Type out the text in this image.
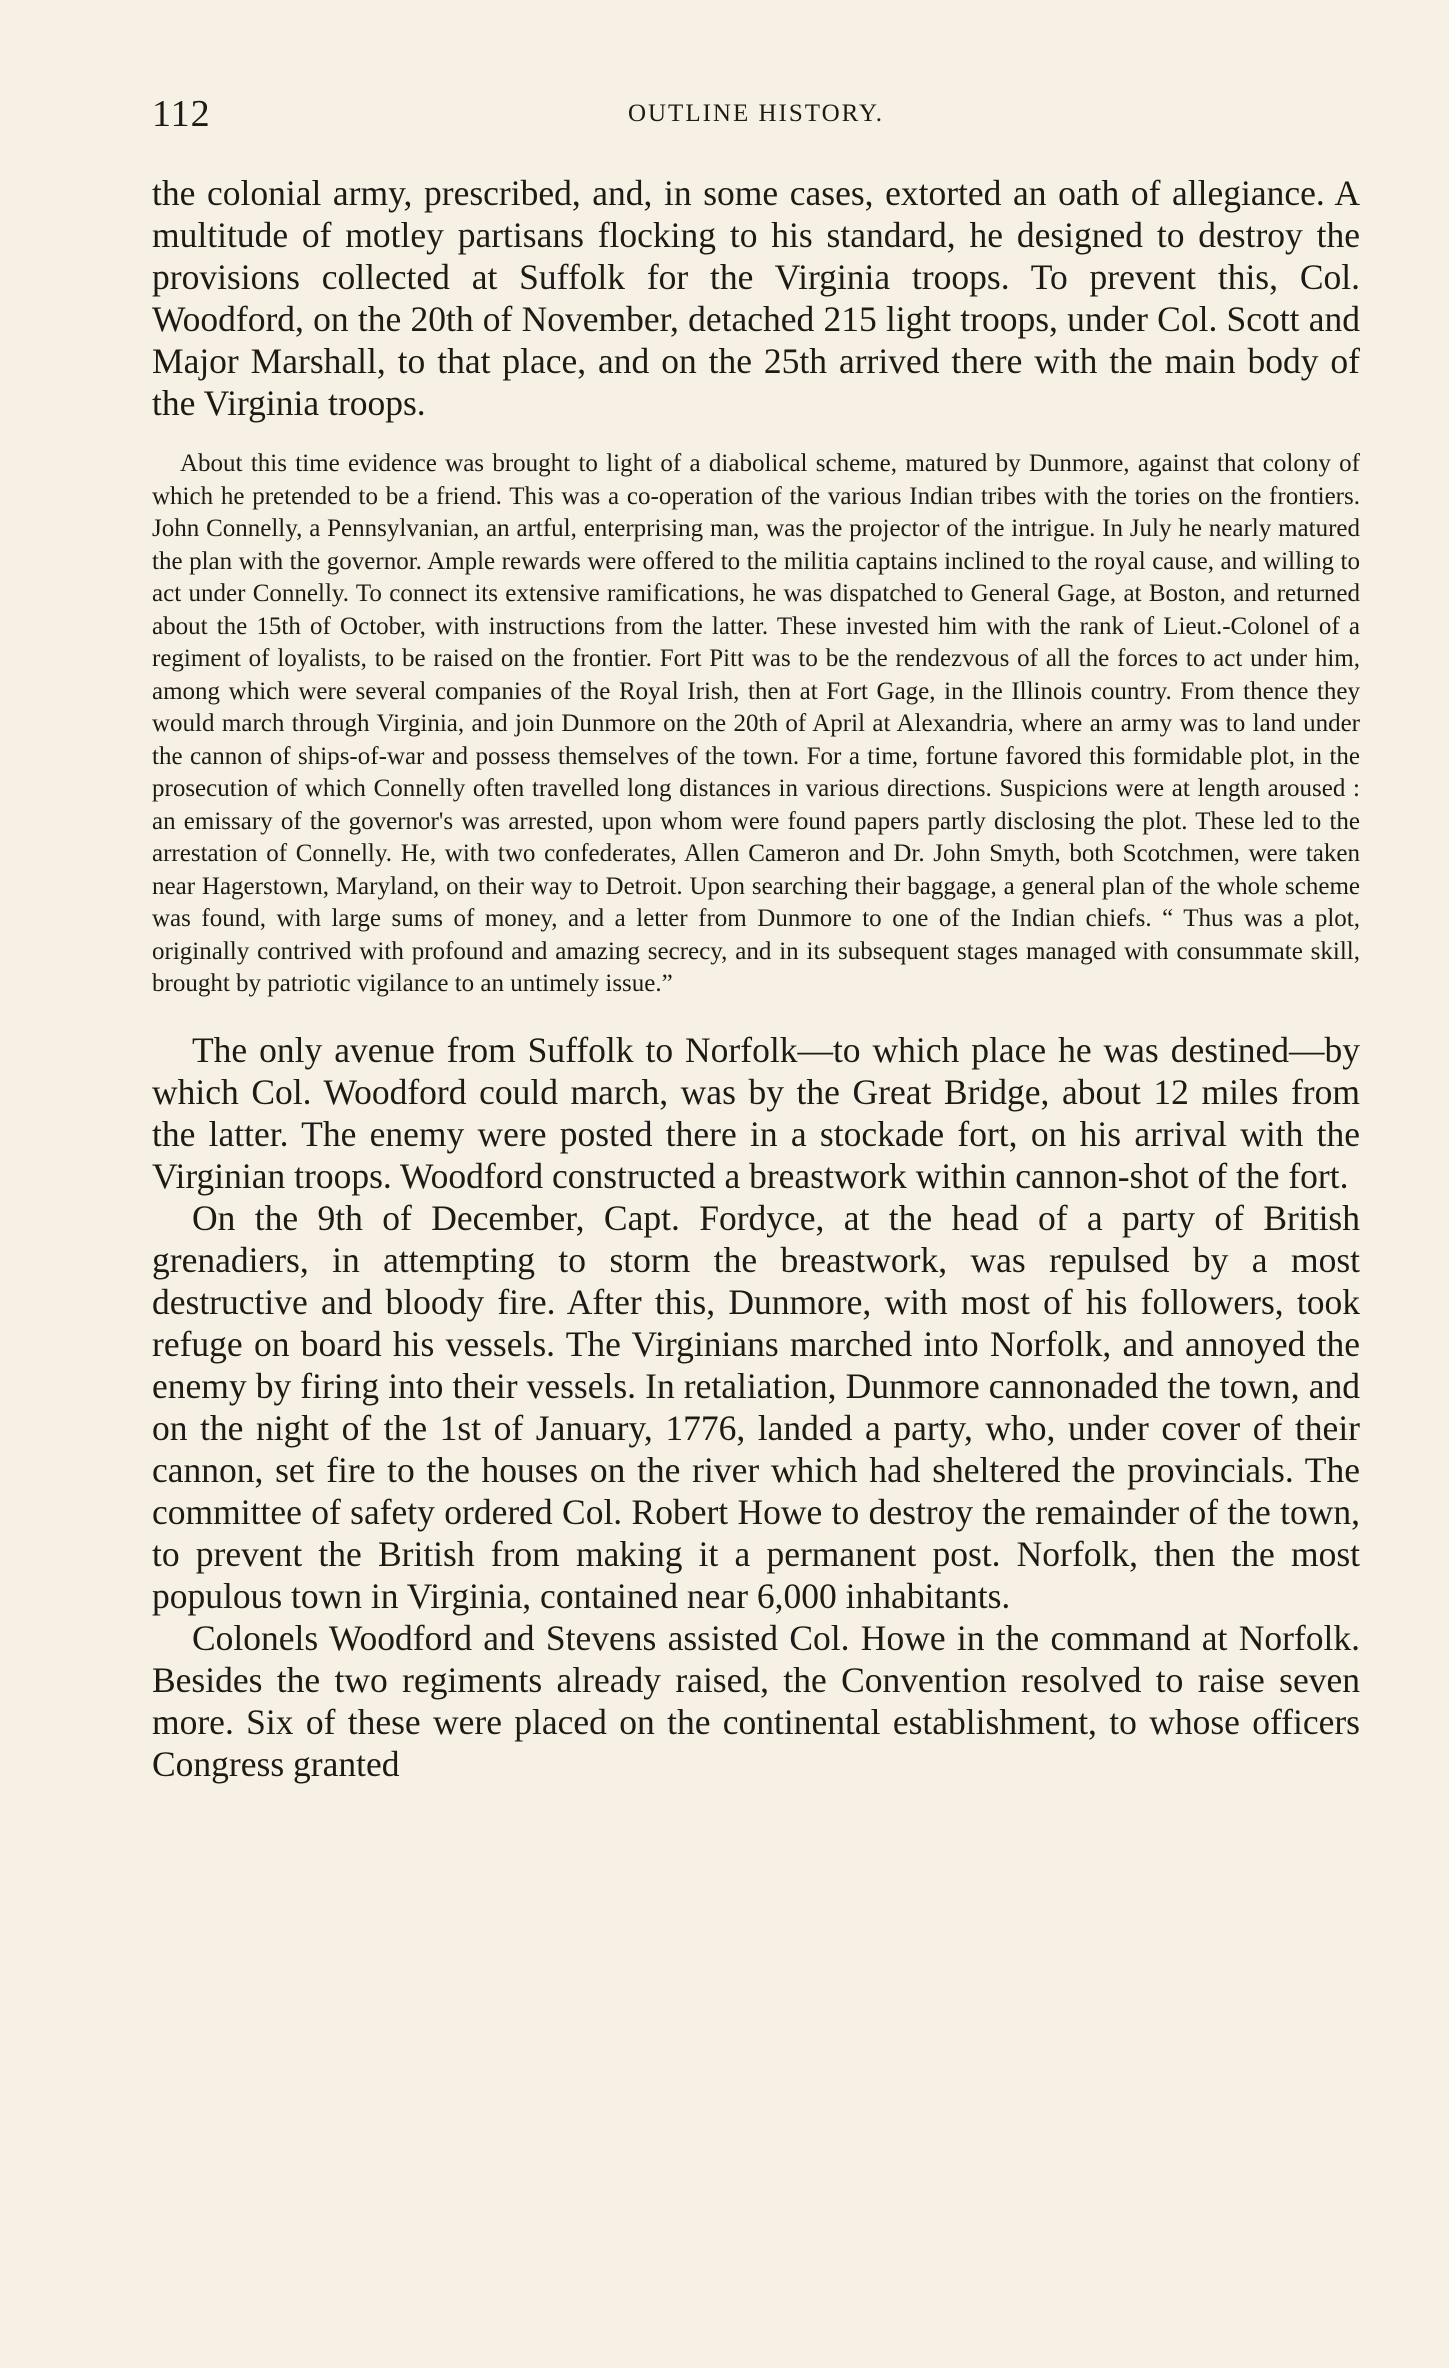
112	OUTLINE HISTORY.

the colonial army, prescribed, and, in some cases, extorted an oath of allegiance. A multitude of motley partisans flocking to his standard, he designed to destroy the provisions collected at Suffolk for the Virginia troops. To prevent this, Col. Woodford, on the 20th of November, detached 215 light troops, under Col. Scott and Major Marshall, to that place, and on the 25th arrived there with the main body of the Virginia troops.

About this time evidence was brought to light of a diabolical scheme, matured by Dunmore, against that colony of which he pretended to be a friend. This was a co-operation of the various Indian tribes with the tories on the frontiers. John Connelly, a Pennsylvanian, an artful, enterprising man, was the projector of the intrigue. In July he nearly matured the plan with the governor. Ample rewards were offered to the militia captains inclined to the royal cause, and willing to act under Connelly. To connect its extensive ramifications, he was dispatched to General Gage, at Boston, and returned about the 15th of October, with instructions from the latter. These invested him with the rank of Lieut.-Colonel of a regiment of loyalists, to be raised on the frontier. Fort Pitt was to be the rendezvous of all the forces to act under him, among which were several companies of the Royal Irish, then at Fort Gage, in the Illinois country. From thence they would march through Virginia, and join Dunmore on the 20th of April at Alexandria, where an army was to land under the cannon of ships-of-war and possess themselves of the town. For a time, fortune favored this formidable plot, in the prosecution of which Connelly often travelled long distances in various directions. Suspicions were at length aroused : an emissary of the governor's was arrested, upon whom were found papers partly disclosing the plot. These led to the arrestation of Connelly. He, with two confederates, Allen Cameron and Dr. John Smyth, both Scotchmen, were taken near Hagerstown, Maryland, on their way to Detroit. Upon searching their baggage, a general plan of the whole scheme was found, with large sums of money, and a letter from Dunmore to one of the Indian chiefs. “ Thus was a plot, originally contrived with profound and amazing secrecy, and in its subsequent stages managed with consummate skill, brought by patriotic vigilance to an untimely issue.”

The only avenue from Suffolk to Norfolk—to which place he was destined—by which Col. Woodford could march, was by the Great Bridge, about 12 miles from the latter. The enemy were posted there in a stockade fort, on his arrival with the Virginian troops. Woodford constructed a breastwork within cannon-shot of the fort.

On the 9th of December, Capt. Fordyce, at the head of a party of British grenadiers, in attempting to storm the breastwork, was repulsed by a most destructive and bloody fire. After this, Dunmore, with most of his followers, took refuge on board his vessels. The Virginians marched into Norfolk, and annoyed the enemy by firing into their vessels. In retaliation, Dunmore cannonaded the town, and on the night of the 1st of January, 1776, landed a party, who, under cover of their cannon, set fire to the houses on the river which had sheltered the provincials. The committee of safety ordered Col. Robert Howe to destroy the remainder of the town, to prevent the British from making it a permanent post. Norfolk, then the most populous town in Virginia, contained near 6,000 inhabitants.

Colonels Woodford and Stevens assisted Col. Howe in the command at Norfolk. Besides the two regiments already raised, the Convention resolved to raise seven more. Six of these were placed on the continental establishment, to whose officers Congress granted
